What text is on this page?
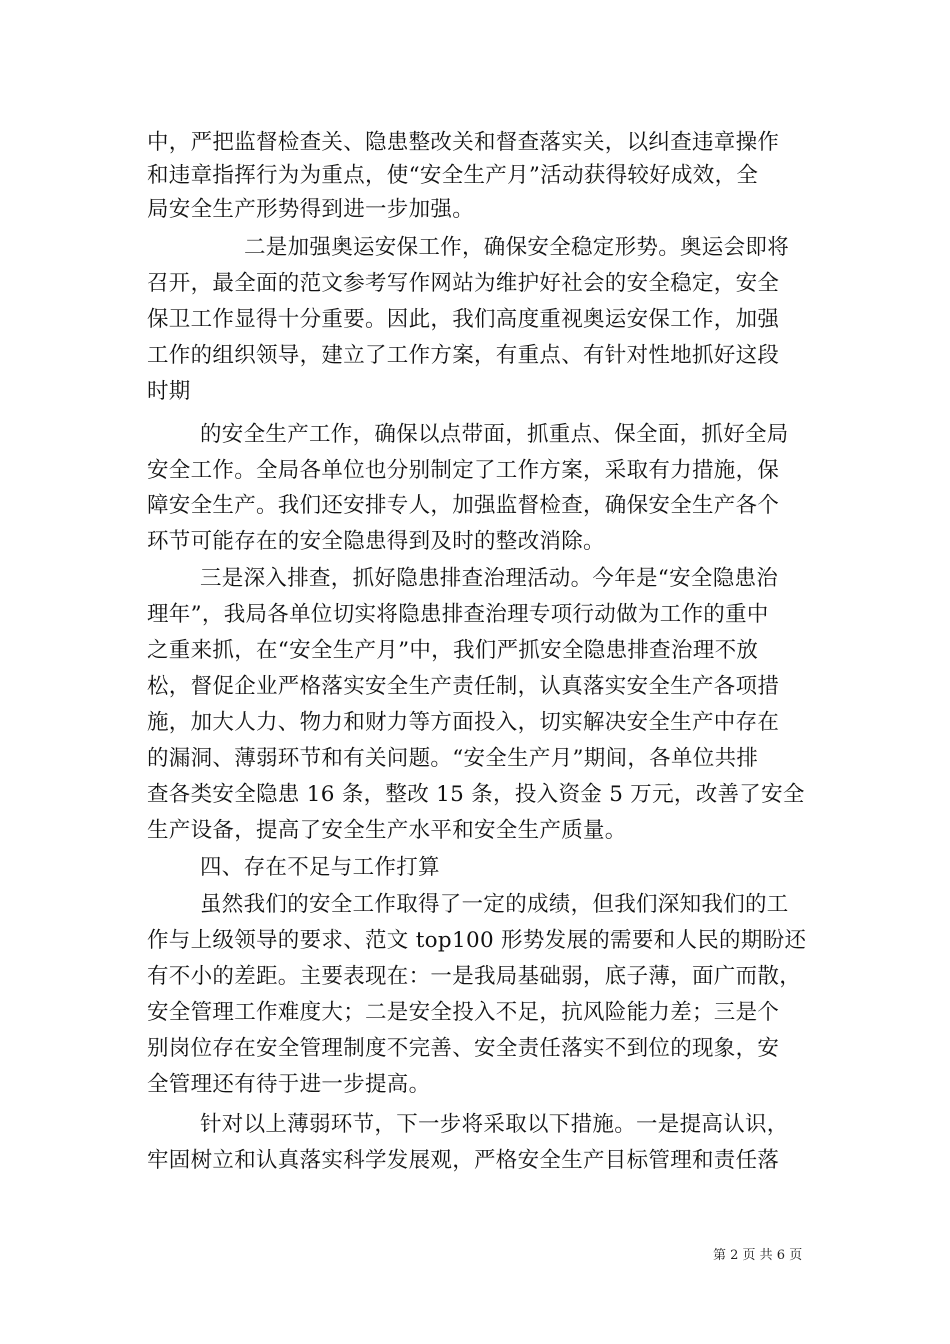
中，严把监督检查关、隐患整改关和督查落实关，以纠查违章操作
和违章指挥行为为重点，使“安全生产月”活动获得较好成效，全
局安全生产形势得到进一步加强。
二是加强奥运安保工作，确保安全稳定形势。奥运会即将
召开，最全面的范文参考写作网站为维护好社会的安全稳定，安全
保卫工作显得十分重要。因此，我们高度重视奥运安保工作，加强
工作的组织领导，建立了工作方案，有重点、有针对性地抓好这段
时期
的安全生产工作，确保以点带面，抓重点、保全面，抓好全局
安全工作。全局各单位也分别制定了工作方案，采取有力措施，保
障安全生产。我们还安排专人，加强监督检查，确保安全生产各个
环节可能存在的安全隐患得到及时的整改消除。
三是深入排查，抓好隐患排查治理活动。今年是“安全隐患治
理年”，我局各单位切实将隐患排查治理专项行动做为工作的重中
之重来抓，在“安全生产月”中，我们严抓安全隐患排查治理不放
松，督促企业严格落实安全生产责任制，认真落实安全生产各项措
施，加大人力、物力和财力等方面投入，切实解决安全生产中存在
的漏洞、薄弱环节和有关问题。“安全生产月”期间，各单位共排
查各类安全隐患 16 条，整改 15 条，投入资金 5 万元，改善了安全
生产设备，提高了安全生产水平和安全生产质量。
四、存在不足与工作打算
虽然我们的安全工作取得了一定的成绩，但我们深知我们的工
作与上级领导的要求、范文 top100 形势发展的需要和人民的期盼还
有不小的差距。主要表现在：一是我局基础弱，底子薄，面广而散，
安全管理工作难度大；二是安全投入不足，抗风险能力差；三是个
别岗位存在安全管理制度不完善、安全责任落实不到位的现象，安
全管理还有待于进一步提高。
针对以上薄弱环节，下一步将采取以下措施。一是提高认识，
牢固树立和认真落实科学发展观，严格安全生产目标管理和责任落
第 2 页 共 6 页
